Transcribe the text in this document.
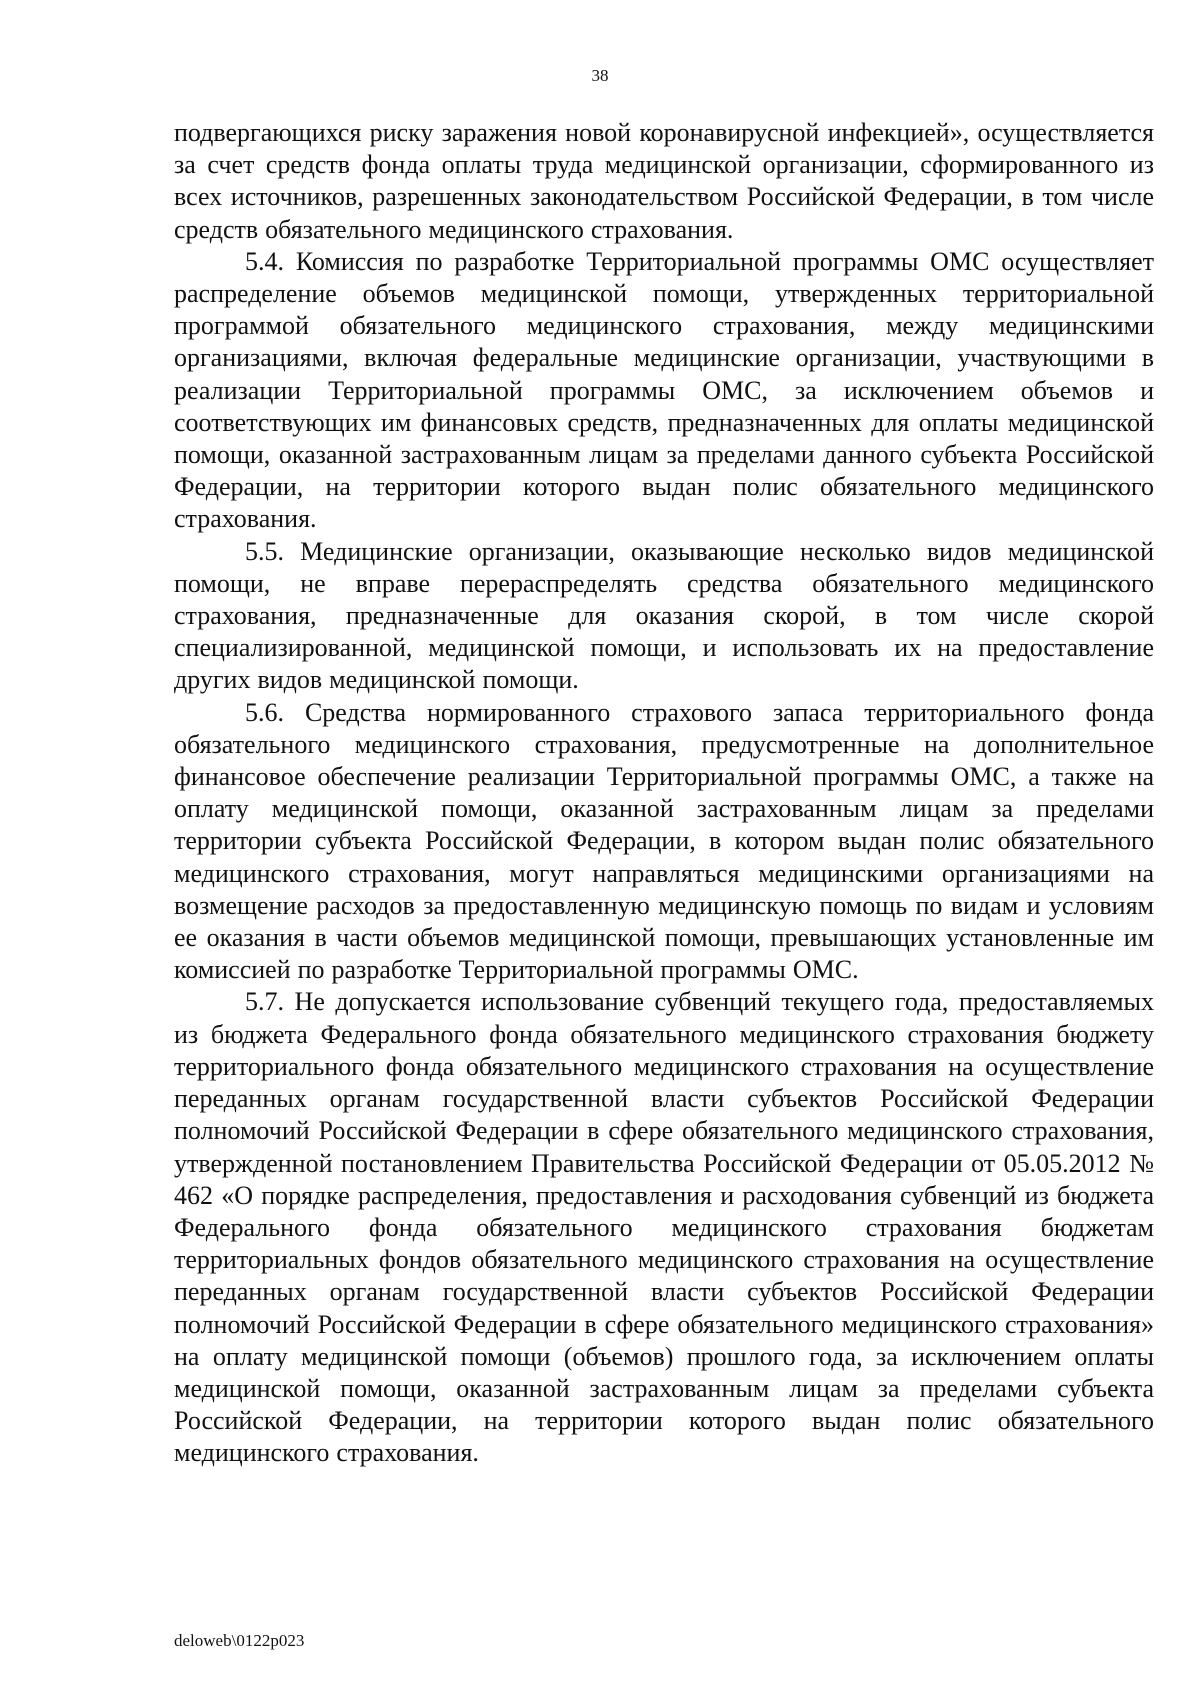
38

подвергающихся риску заражения новой коронавирусной инфекцией», осуществляется за счет средств фонда оплаты труда медицинской организации, сформированного из всех источников, разрешенных законодательством Российской Федерации, в том числе средств обязательного медицинского страхования.

5.4. Комиссия по разработке Территориальной программы ОМС осуществляет распределение объемов медицинской помощи, утвержденных территориальной программой обязательного медицинского страхования, между медицинскими организациями, включая федеральные медицинские организации, участвующими в реализации Территориальной программы ОМС, за исключением объемов и соответствующих им финансовых средств, предназначенных для оплаты медицинской помощи, оказанной застрахованным лицам за пределами данного субъекта Российской Федерации, на территории которого выдан полис обязательного медицинского страхования.

5.5. Медицинские организации, оказывающие несколько видов медицинской помощи, не вправе перераспределять средства обязательного медицинского страхования, предназначенные для оказания скорой, в том числе скорой специализированной, медицинской помощи, и использовать их на предоставление других видов медицинской помощи.

5.6. Средства нормированного страхового запаса территориального фонда обязательного медицинского страхования, предусмотренные на дополнительное финансовое обеспечение реализации Территориальной программы ОМС, а также на оплату медицинской помощи, оказанной застрахованным лицам за пределами территории субъекта Российской Федерации, в котором выдан полис обязательного медицинского страхования, могут направляться медицинскими организациями на возмещение расходов за предоставленную медицинскую помощь по видам и условиям ее оказания в части объемов медицинской помощи, превышающих установленные им комиссией по разработке Территориальной программы ОМС.

5.7. Не допускается использование субвенций текущего года, предоставляемых из бюджета Федерального фонда обязательного медицинского страхования бюджету территориального фонда обязательного медицинского страхования на осуществление переданных органам государственной власти субъектов Российской Федерации полномочий Российской Федерации в сфере обязательного медицинского страхования, утвержденной постановлением Правительства Российской Федерации от 05.05.2012 № 462 «О порядке распределения, предоставления и расходования субвенций из бюджета Федерального фонда обязательного медицинского страхования бюджетам территориальных фондов обязательного медицинского страхования на осуществление переданных органам государственной власти субъектов Российской Федерации полномочий Российской Федерации в сфере обязательного медицинского страхования» на оплату медицинской помощи (объемов) прошлого года, за исключением оплаты медицинской помощи, оказанной застрахованным лицам за пределами субъекта Российской Федерации, на территории которого выдан полис обязательного медицинского страхования.

deloweb\0122p023
